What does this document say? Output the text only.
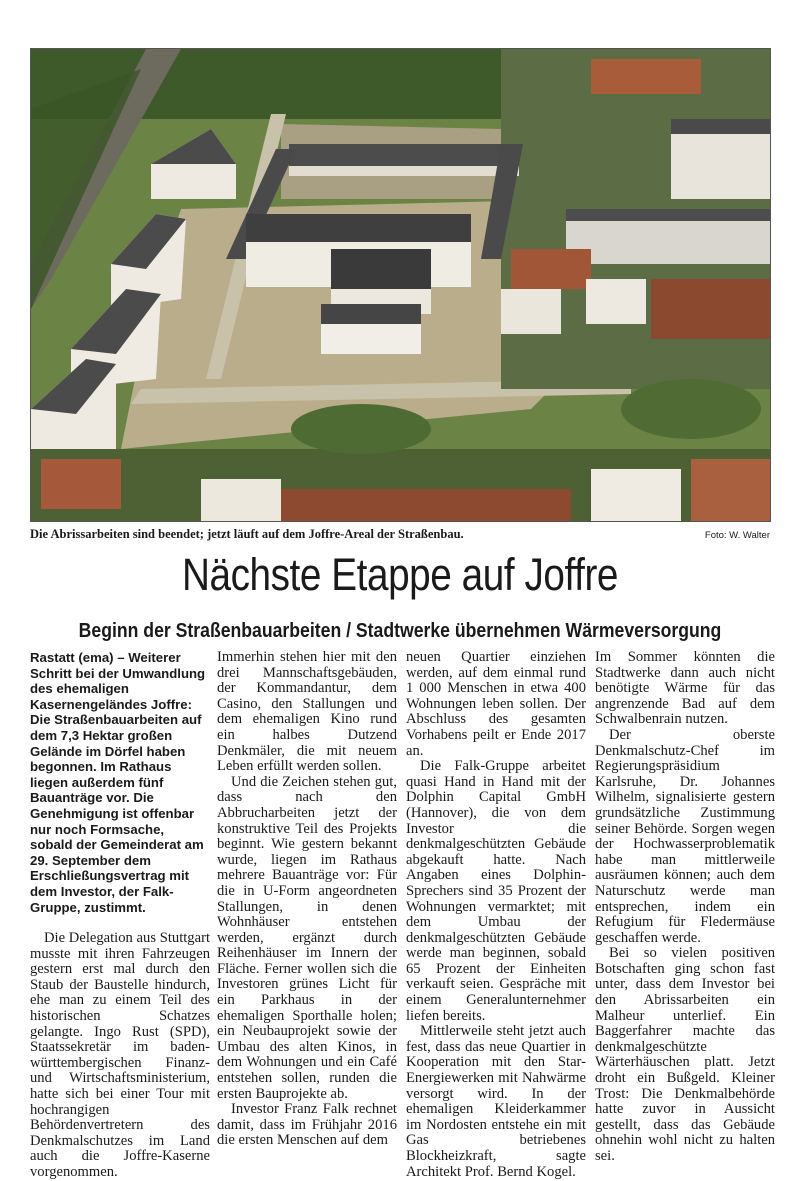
Die Abrissarbeiten sind beendet; jetzt läuft auf dem Joffre-Areal der Straßenbau.	Foto: W. Walter
Nächste Etappe auf Joffre
Beginn der Straßenbauarbeiten / Stadtwerke übernehmen Wärmeversorgung

Rastatt (ema) – Weiterer Schritt bei der Umwandlung des ehemaligen Kasernengeländes Joffre: Die Straßenbauarbeiten auf dem 7,3 Hektar großen Gelände im Dörfel haben begonnen. Im Rathaus liegen außerdem fünf Bauanträge vor. Die Genehmigung ist offenbar nur noch Formsache, sobald der Gemeinderat am 29. September dem Erschließungsvertrag mit dem Investor, der Falk-Gruppe, zustimmt.

Die Delegation aus Stuttgart musste mit ihren Fahrzeugen gestern erst mal durch den Staub der Baustelle hindurch, ehe man zu einem Teil des historischen Schatzes gelangte. Ingo Rust (SPD), Staatssekretär im baden-württembergischen Finanz- und Wirtschaftsministerium, hatte sich bei einer Tour mit hochrangigen Behördenvertretern des Denkmalschutzes im Land auch die Joffre-Kaserne vorgenommen.

Immerhin stehen hier mit den drei Mannschaftsgebäuden, der Kommandantur, dem Casino, den Stallungen und dem ehemaligen Kino rund ein halbes Dutzend Denkmäler, die mit neuem Leben erfüllt werden sollen.

Und die Zeichen stehen gut, dass nach den Abbrucharbeiten jetzt der konstruktive Teil des Projekts beginnt. Wie gestern bekannt wurde, liegen im Rathaus mehrere Bauanträge vor: Für die in U-Form angeordneten Stallungen, in denen Wohnhäuser entstehen werden, ergänzt durch Reihenhäuser im Innern der Fläche. Ferner wollen sich die Investoren grünes Licht für ein Parkhaus in der ehemaligen Sporthalle holen; ein Neubauprojekt sowie der Umbau des alten Kinos, in dem Wohnungen und ein Café entstehen sollen, runden die ersten Bauprojekte ab.

Investor Franz Falk rechnet damit, dass im Frühjahr 2016 die ersten Menschen auf dem

neuen Quartier einziehen werden, auf dem einmal rund 1 000 Menschen in etwa 400 Wohnungen leben sollen. Der Abschluss des gesamten Vorhabens peilt er Ende 2017 an.

Die Falk-Gruppe arbeitet quasi Hand in Hand mit der Dolphin Capital GmbH (Hannover), die von dem Investor die denkmalgeschützten Gebäude abgekauft hatte. Nach Angaben eines Dolphin-Sprechers sind 35 Prozent der Wohnungen vermarktet; mit dem Umbau der denkmalgeschützten Gebäude werde man beginnen, sobald 65 Prozent der Einheiten verkauft seien. Gespräche mit einem Generalunternehmer liefen bereits.

Mittlerweile steht jetzt auch fest, dass das neue Quartier in Kooperation mit den Star-Energiewerken mit Nahwärme versorgt wird. In der ehemaligen Kleiderkammer im Nordosten entstehe ein mit Gas betriebenes Blockheizkraft, sagte Architekt Prof. Bernd Kogel.

Im Sommer könnten die Stadtwerke dann auch nicht benötigte Wärme für das angrenzende Bad auf dem Schwalbenrain nutzen.

Der oberste Denkmalschutz-Chef im Regierungspräsidium Karlsruhe, Dr. Johannes Wilhelm, signalisierte gestern grundsätzliche Zustimmung seiner Behörde. Sorgen wegen der Hochwasserproblematik habe man mittlerweile ausräumen können; auch dem Naturschutz werde man entsprechen, indem ein Refugium für Fledermäuse geschaffen werde.

Bei so vielen positiven Botschaften ging schon fast unter, dass dem Investor bei den Abrissarbeiten ein Malheur unterlief. Ein Baggerfahrer machte das denkmalgeschützte Wärterhäuschen platt. Jetzt droht ein Bußgeld. Kleiner Trost: Die Denkmalbehörde hatte zuvor in Aussicht gestellt, dass das Gebäude ohnehin wohl nicht zu halten sei.
